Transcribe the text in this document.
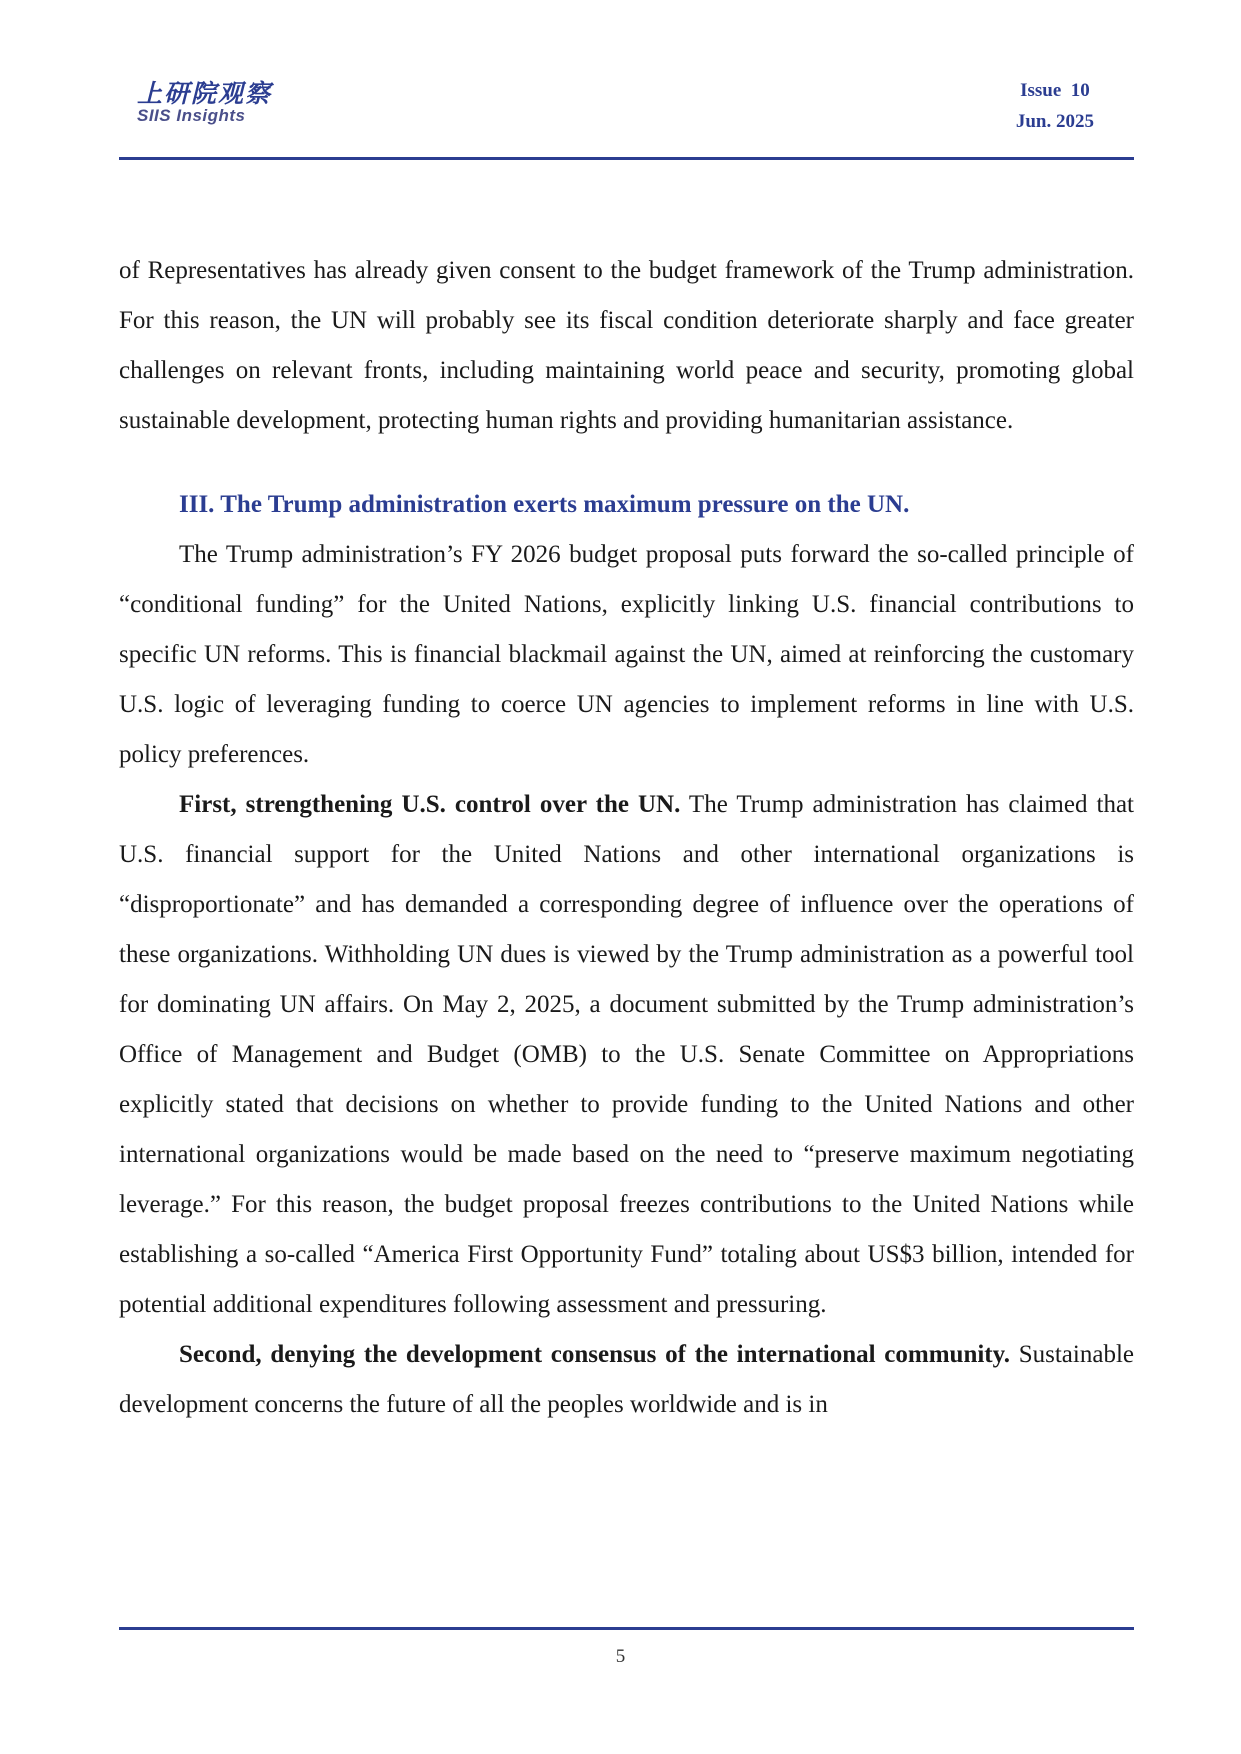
上研院观察
SIIS Insights
Issue  10
Jun. 2025

of Representatives has already given consent to the budget framework of the Trump administration. For this reason, the UN will probably see its fiscal condition deteriorate sharply and face greater challenges on relevant fronts, including maintaining world peace and security, promoting global sustainable development, protecting human rights and providing humanitarian assistance.

III. The Trump administration exerts maximum pressure on the UN.

The Trump administration’s FY 2026 budget proposal puts forward the so-called principle of “conditional funding” for the United Nations, explicitly linking U.S. financial contributions to specific UN reforms. This is financial blackmail against the UN, aimed at reinforcing the customary U.S. logic of leveraging funding to coerce UN agencies to implement reforms in line with U.S. policy preferences.

First, strengthening U.S. control over the UN. The Trump administration has claimed that U.S. financial support for the United Nations and other international organizations is “disproportionate” and has demanded a corresponding degree of influence over the operations of these organizations. Withholding UN dues is viewed by the Trump administration as a powerful tool for dominating UN affairs. On May 2, 2025, a document submitted by the Trump administration’s Office of Management and Budget (OMB) to the U.S. Senate Committee on Appropriations explicitly stated that decisions on whether to provide funding to the United Nations and other international organizations would be made based on the need to “preserve maximum negotiating leverage.” For this reason, the budget proposal freezes contributions to the United Nations while establishing a so-called “America First Opportunity Fund” totaling about US$3 billion, intended for potential additional expenditures following assessment and pressuring.

Second, denying the development consensus of the international community. Sustainable development concerns the future of all the peoples worldwide and is in

5
